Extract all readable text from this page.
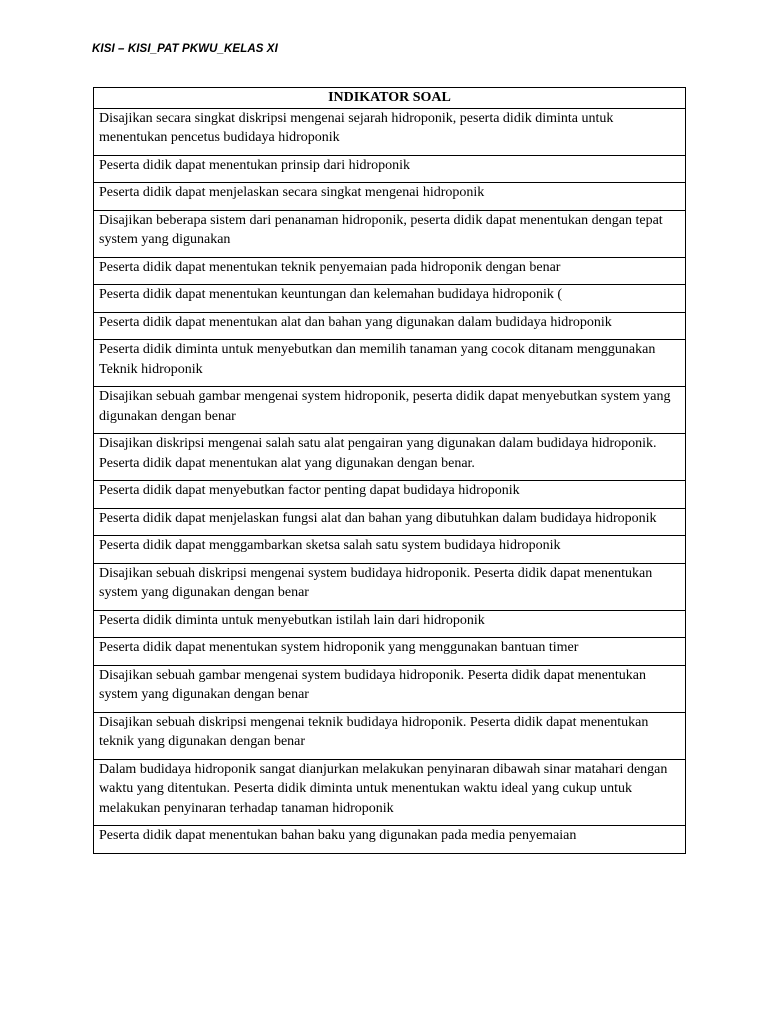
KISI – KISI_PAT PKWU_KELAS XI
INDIKATOR SOAL
Disajikan secara singkat diskripsi mengenai sejarah hidroponik, peserta didik diminta untuk menentukan pencetus budidaya hidroponik
Peserta didik dapat menentukan prinsip dari hidroponik
Peserta didik dapat menjelaskan secara singkat mengenai hidroponik
Disajikan beberapa sistem dari penanaman hidroponik, peserta didik dapat menentukan dengan tepat system yang digunakan
Peserta didik dapat menentukan teknik penyemaian pada hidroponik dengan benar
Peserta didik dapat menentukan keuntungan dan kelemahan budidaya hidroponik (
Peserta didik dapat menentukan alat dan bahan yang digunakan dalam budidaya hidroponik
Peserta didik diminta untuk menyebutkan dan memilih tanaman yang cocok ditanam menggunakan Teknik hidroponik
Disajikan sebuah gambar mengenai system hidroponik, peserta didik dapat menyebutkan system yang digunakan dengan benar
Disajikan diskripsi mengenai salah satu alat pengairan yang digunakan dalam budidaya hidroponik. Peserta didik dapat menentukan alat yang digunakan dengan benar.
Peserta didik dapat menyebutkan factor penting dapat budidaya hidroponik
Peserta didik dapat menjelaskan fungsi alat dan bahan yang dibutuhkan dalam budidaya hidroponik
Peserta didik dapat menggambarkan sketsa salah satu system budidaya hidroponik
Disajikan sebuah diskripsi mengenai system budidaya hidroponik. Peserta didik dapat menentukan system yang digunakan dengan benar
Peserta didik diminta untuk menyebutkan istilah lain dari hidroponik
Peserta didik dapat menentukan system hidroponik yang menggunakan bantuan timer
Disajikan sebuah gambar mengenai system budidaya hidroponik. Peserta didik dapat menentukan system yang digunakan dengan benar
Disajikan sebuah diskripsi mengenai teknik budidaya hidroponik. Peserta didik dapat menentukan teknik yang digunakan dengan benar
Dalam budidaya hidroponik sangat dianjurkan melakukan penyinaran dibawah sinar matahari dengan waktu yang ditentukan. Peserta didik diminta untuk menentukan waktu ideal yang cukup untuk melakukan penyinaran terhadap tanaman hidroponik
Peserta didik dapat menentukan bahan baku yang digunakan pada media penyemaian
